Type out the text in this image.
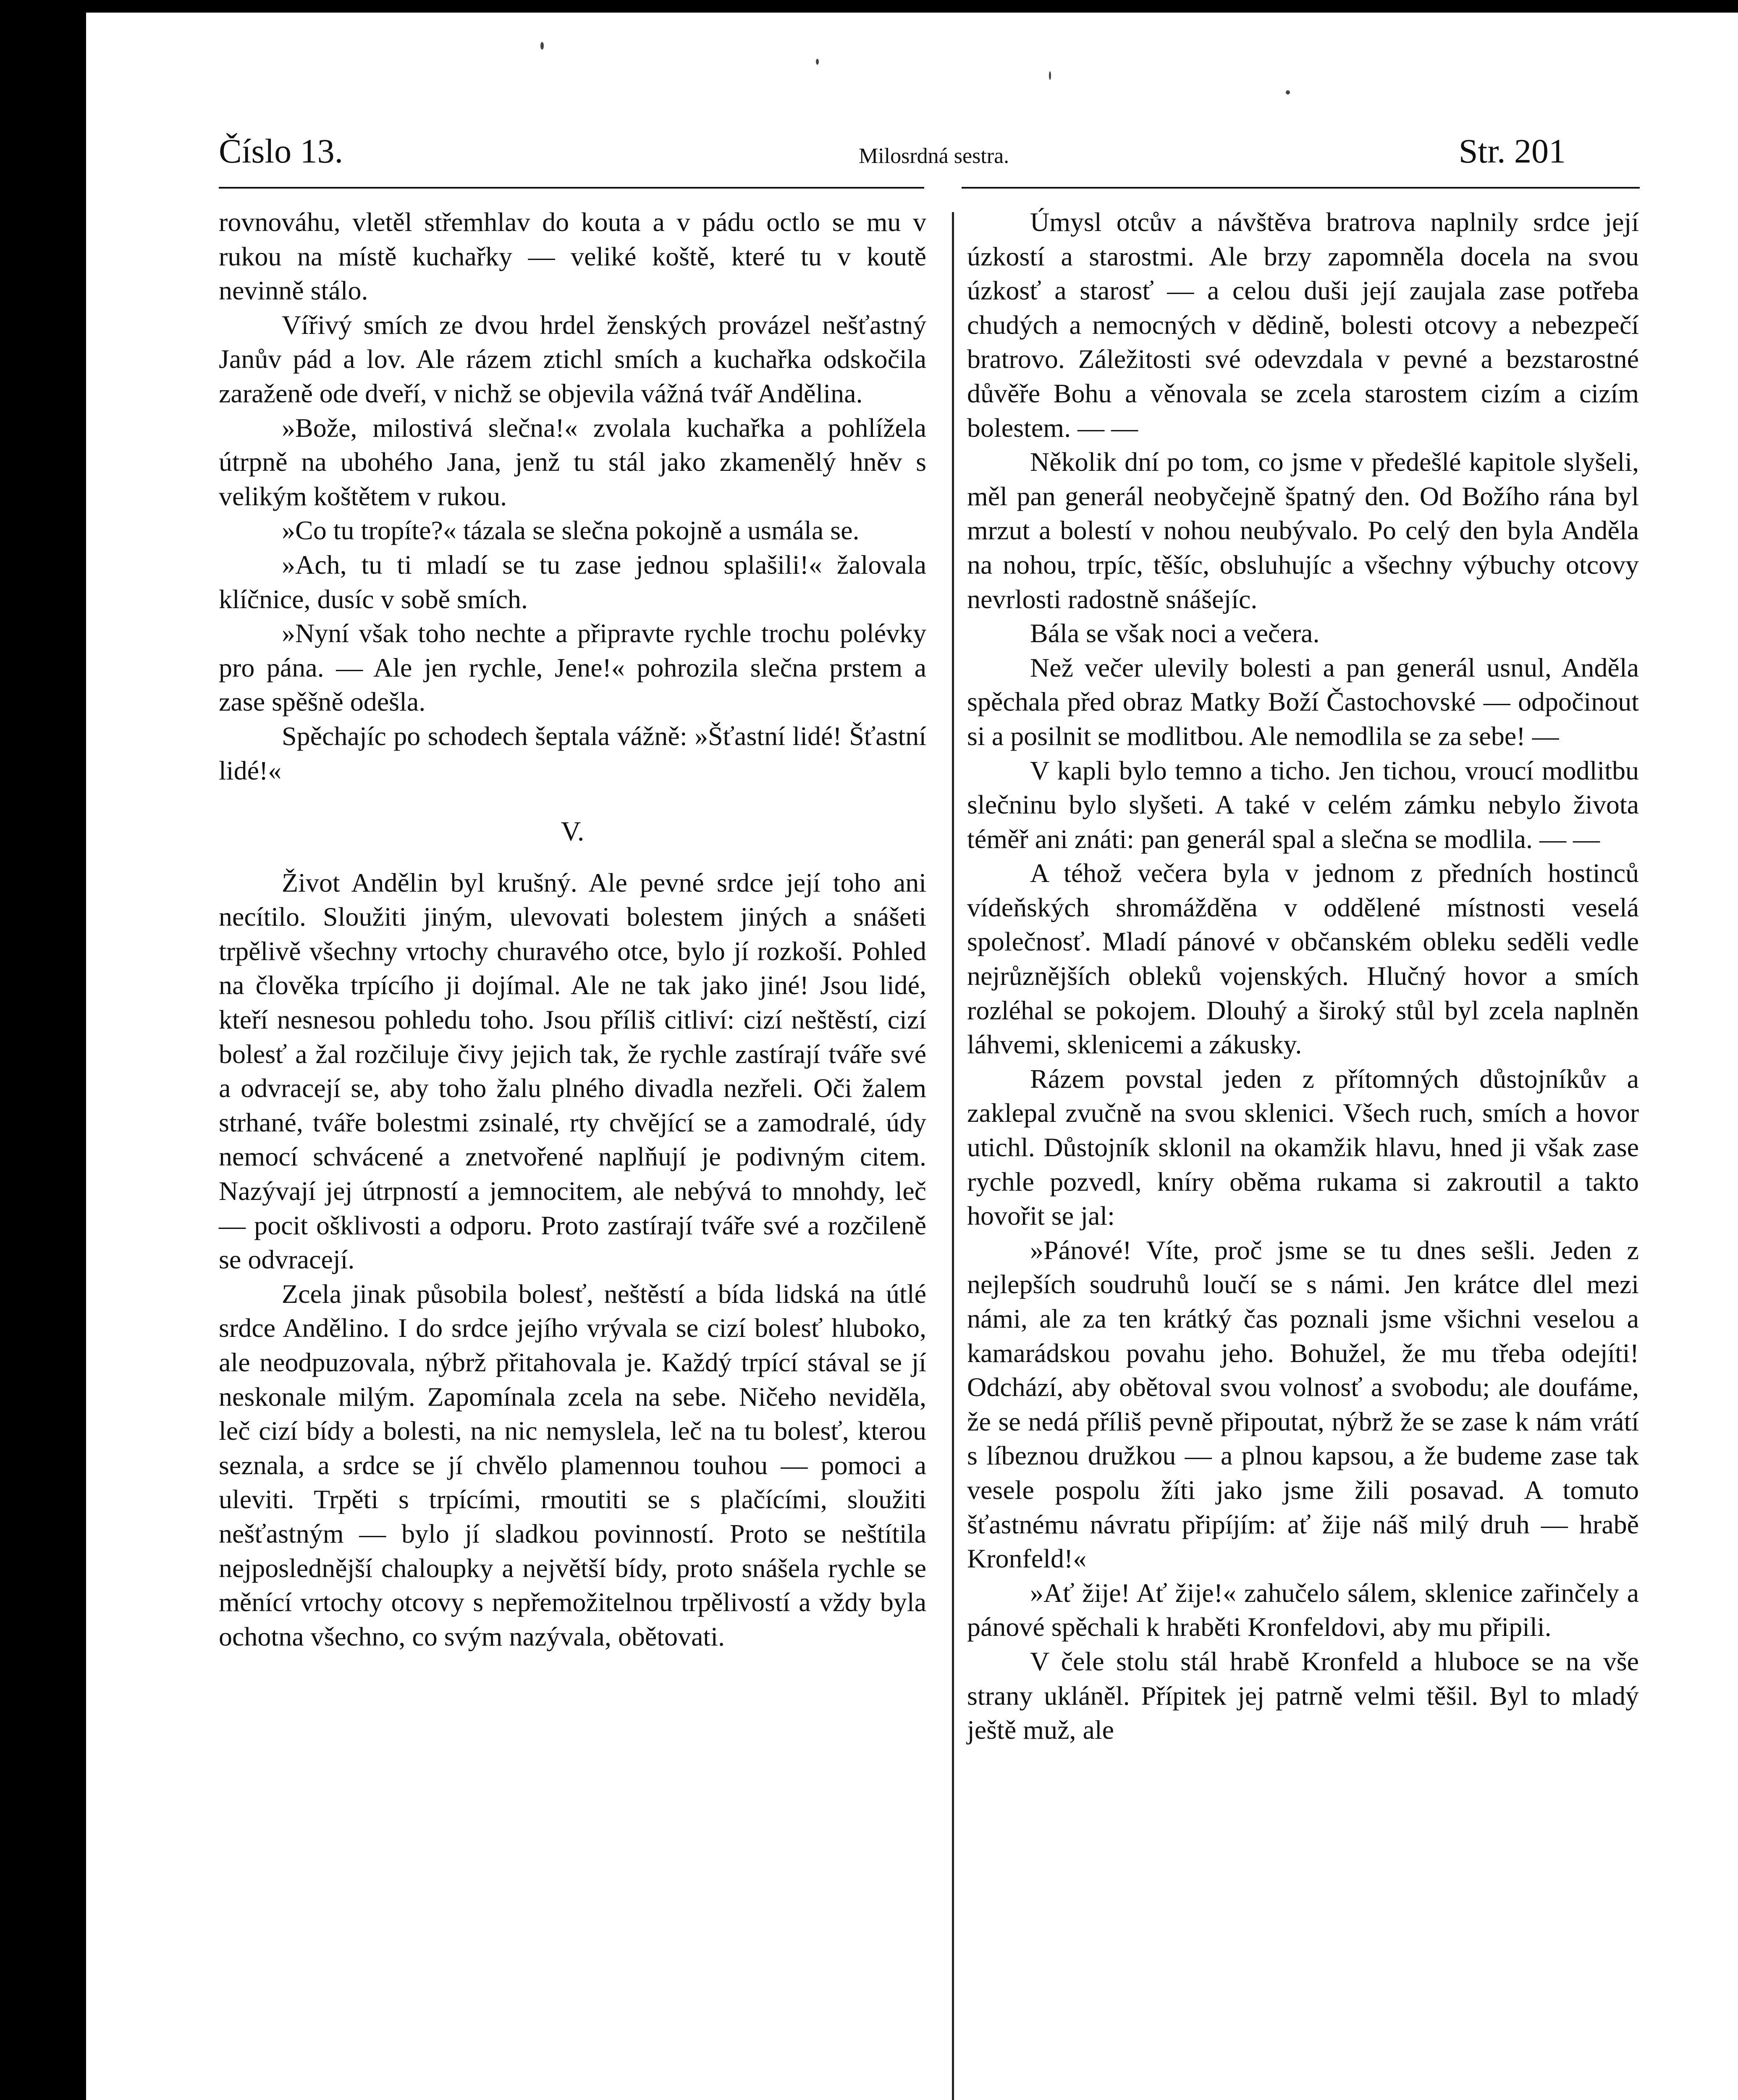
Číslo 13.	Milosrdná sestra.	Str. 201

rovnováhu, vletěl střemhlav do kouta a v pádu octlo se mu v rukou na místě kuchařky — veliké koště, které tu v koutě nevinně stálo.

Vířivý smích ze dvou hrdel ženských provázel nešťastný Janův pád a lov. Ale rázem ztichl smích a kuchařka odskočila zaraženě ode dveří, v nichž se objevila vážná tvář Andělina.

»Bože, milostivá slečna!« zvolala kuchařka a pohlížela útrpně na ubohého Jana, jenž tu stál jako zkamenělý hněv s velikým koštětem v rukou.

»Co tu tropíte?« tázala se slečna pokojně a usmála se.

»Ach, tu ti mladí se tu zase jednou splašili!« žalovala klíčnice, dusíc v sobě smích.

»Nyní však toho nechte a připravte rychle trochu polévky pro pána. — Ale jen rychle, Jene!« pohrozila slečna prstem a zase spěšně odešla.

Spěchajíc po schodech šeptala vážně: »Šťastní lidé! Šťastní lidé!«

V.

Život Andělin byl krušný. Ale pevné srdce její toho ani necítilo. Sloužiti jiným, ulevovati bolestem jiných a snášeti trpělivě všechny vrtochy churavého otce, bylo jí rozkoší. Pohled na člověka trpícího ji dojímal. Ale ne tak jako jiné! Jsou lidé, kteří nesnesou pohledu toho. Jsou příliš citliví: cizí neštěstí, cizí bolesť a žal rozčiluje čivy jejich tak, že rychle zastírají tváře své a odvracejí se, aby toho žalu plného divadla nezřeli. Oči žalem strhané, tváře bolestmi zsinalé, rty chvějící se a zamodralé, údy nemocí schvácené a znetvořené naplňují je podivným citem. Nazývají jej útrpností a jemnocitem, ale nebývá to mnohdy, leč — pocit ošklivosti a odporu. Proto zastírají tváře své a rozčileně se odvracejí.

Zcela jinak působila bolesť, neštěstí a bída lidská na útlé srdce Andělino. I do srdce jejího vrývala se cizí bolesť hluboko, ale neodpuzovala, nýbrž přitahovala je. Každý trpící stával se jí neskonale milým. Zapomínala zcela na sebe. Ničeho neviděla, leč cizí bídy a bolesti, na nic nemyslela, leč na tu bolesť, kterou seznala, a srdce se jí chvělo plamennou touhou — pomoci a uleviti. Trpěti s trpícími, rmoutiti se s plačícími, sloužiti nešťastným — bylo jí sladkou povinností. Proto se neštítila nejposlednější chaloupky a největší bídy, proto snášela rychle se měnící vrtochy otcovy s nepřemožitelnou trpělivostí a vždy byla ochotna všechno, co svým nazývala, obětovati.

Úmysl otcův a návštěva bratrova naplnily srdce její úzkostí a starostmi. Ale brzy zapomněla docela na svou úzkosť a starosť — a celou duši její zaujala zase potřeba chudých a nemocných v dědině, bolesti otcovy a nebezpečí bratrovo. Záležitosti své odevzdala v pevné a bezstarostné důvěře Bohu a věnovala se zcela starostem cizím a cizím bolestem. — —

Několik dní po tom, co jsme v předešlé kapitole slyšeli, měl pan generál neobyčejně špatný den. Od Božího rána byl mrzut a bolestí v nohou neubývalo. Po celý den byla Anděla na nohou, trpíc, těšíc, obsluhujíc a všechny výbuchy otcovy nevrlosti radostně snášejíc.

Bála se však noci a večera.

Než večer ulevily bolesti a pan generál usnul, Anděla spěchala před obraz Matky Boží Častochovské — odpočinout si a posilnit se modlitbou. Ale nemodlila se za sebe! —

V kapli bylo temno a ticho. Jen tichou, vroucí modlitbu slečninu bylo slyšeti. A také v celém zámku nebylo života téměř ani znáti: pan generál spal a slečna se modlila. — —

A téhož večera byla v jednom z předních hostinců vídeňských shromážděna v oddělené místnosti veselá společnosť. Mladí pánové v občanském obleku seděli vedle nejrůznějších obleků vojenských. Hlučný hovor a smích rozléhal se pokojem. Dlouhý a široký stůl byl zcela naplněn láhvemi, sklenicemi a zákusky.

Rázem povstal jeden z přítomných důstojníkův a zaklepal zvučně na svou sklenici. Všech ruch, smích a hovor utichl. Důstojník sklonil na okamžik hlavu, hned ji však zase rychle pozvedl, kníry oběma rukama si zakroutil a takto hovořit se jal:

»Pánové! Víte, proč jsme se tu dnes sešli. Jeden z nejlepších soudruhů loučí se s námi. Jen krátce dlel mezi námi, ale za ten krátký čas poznali jsme všichni veselou a kamarádskou povahu jeho. Bohužel, že mu třeba odejíti! Odchází, aby obětoval svou volnosť a svobodu; ale doufáme, že se nedá příliš pevně připoutat, nýbrž že se zase k nám vrátí s líbeznou družkou — a plnou kapsou, a že budeme zase tak vesele pospolu žíti jako jsme žili posavad. A tomuto šťastnému návratu připíjím: ať žije náš milý druh — hrabě Kronfeld!«

»Ať žije! Ať žije!« zahučelo sálem, sklenice zařinčely a pánové spěchali k hraběti Kronfeldovi, aby mu připili.

V čele stolu stál hrabě Kronfeld a hluboce se na vše strany ukláněl. Přípitek jej patrně velmi těšil. Byl to mladý ještě muž, ale
